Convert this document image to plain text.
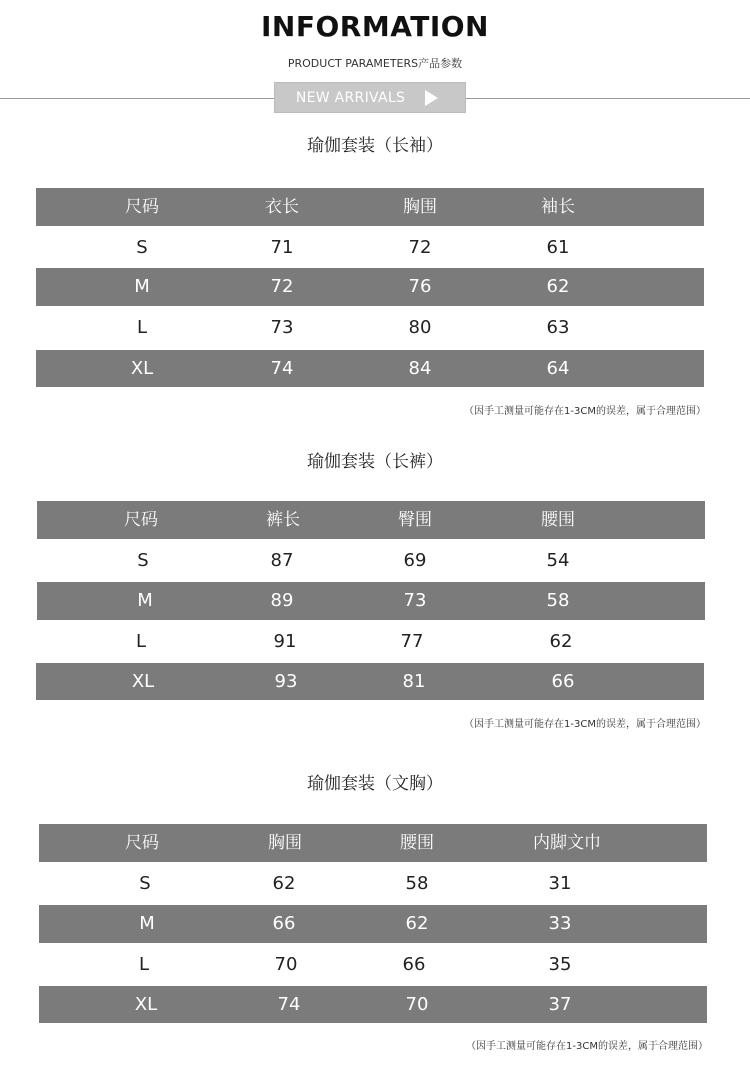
INFORMATION
PRODUCT PARAMETERS产品参数
NEW ARRIVALS
瑜伽套装（长袖）
尺码	衣长	胸围	袖长
S	71	72	61
M	72	76	62
L	73	80	63
XL	74	84	64
（因手工测量可能存在1-3CM的误差，属于合理范围）
瑜伽套装（长裤）
尺码	裤长	臀围	腰围
S	87	69	54
M	89	73	58
L	91	77	62
XL	93	81	66
（因手工测量可能存在1-3CM的误差，属于合理范围）
瑜伽套装（文胸）
尺码	胸围	腰围	内脚文巾
S	62	58	31
M	66	62	33
L	70	66	35
XL	74	70	37
（因手工测量可能存在1-3CM的误差，属于合理范围）
